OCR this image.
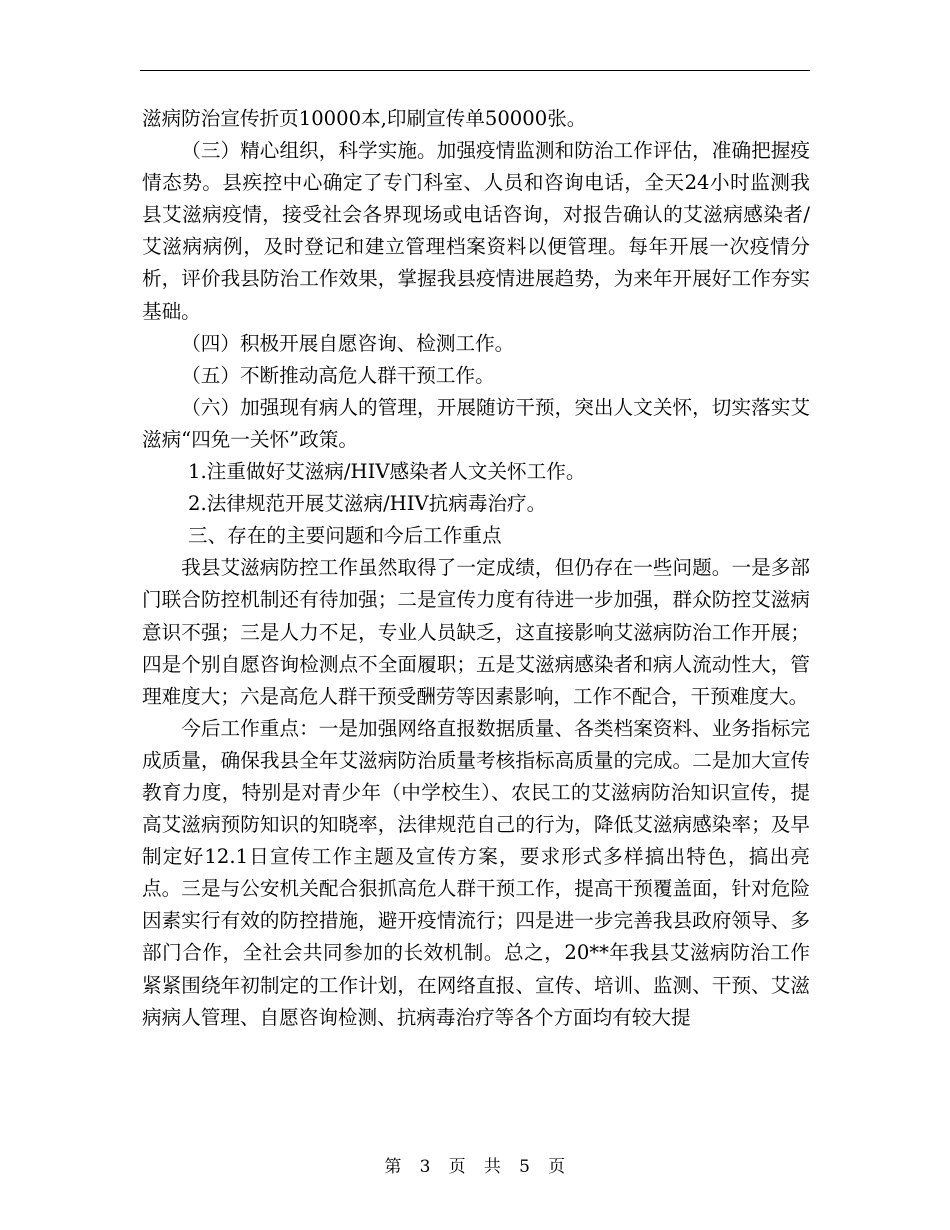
滋病防治宣传折页10000本,印刷宣传单50000张。

（三）精心组织，科学实施。加强疫情监测和防治工作评估，准确把握疫情态势。县疾控中心确定了专门科室、人员和咨询电话，全天24小时监测我县艾滋病疫情，接受社会各界现场或电话咨询，对报告确认的艾滋病感染者/艾滋病病例，及时登记和建立管理档案资料以便管理。每年开展一次疫情分析，评价我县防治工作效果，掌握我县疫情进展趋势，为来年开展好工作夯实基础。

（四）积极开展自愿咨询、检测工作。

（五）不断推动高危人群干预工作。

（六）加强现有病人的管理，开展随访干预，突出人文关怀，切实落实艾滋病“四免一关怀”政策。

1.注重做好艾滋病/HIV感染者人文关怀工作。

2.法律规范开展艾滋病/HIV抗病毒治疗。

三、存在的主要问题和今后工作重点

我县艾滋病防控工作虽然取得了一定成绩，但仍存在一些问题。一是多部门联合防控机制还有待加强；二是宣传力度有待进一步加强，群众防控艾滋病意识不强；三是人力不足，专业人员缺乏，这直接影响艾滋病防治工作开展；四是个别自愿咨询检测点不全面履职；五是艾滋病感染者和病人流动性大，管理难度大；六是高危人群干预受酬劳等因素影响，工作不配合，干预难度大。

今后工作重点：一是加强网络直报数据质量、各类档案资料、业务指标完成质量，确保我县全年艾滋病防治质量考核指标高质量的完成。二是加大宣传教育力度，特别是对青少年（中学校生）、农民工的艾滋病防治知识宣传，提高艾滋病预防知识的知晓率，法律规范自己的行为，降低艾滋病感染率；及早制定好12.1日宣传工作主题及宣传方案，要求形式多样搞出特色，搞出亮点。三是与公安机关配合狠抓高危人群干预工作，提高干预覆盖面，针对危险因素实行有效的防控措施，避开疫情流行；四是进一步完善我县政府领导、多部门合作，全社会共同参加的长效机制。总之，20**年我县艾滋病防治工作紧紧围绕年初制定的工作计划，在网络直报、宣传、培训、监测、干预、艾滋病病人管理、自愿咨询检测、抗病毒治疗等各个方面均有较大提

第 3 页 共 5 页
